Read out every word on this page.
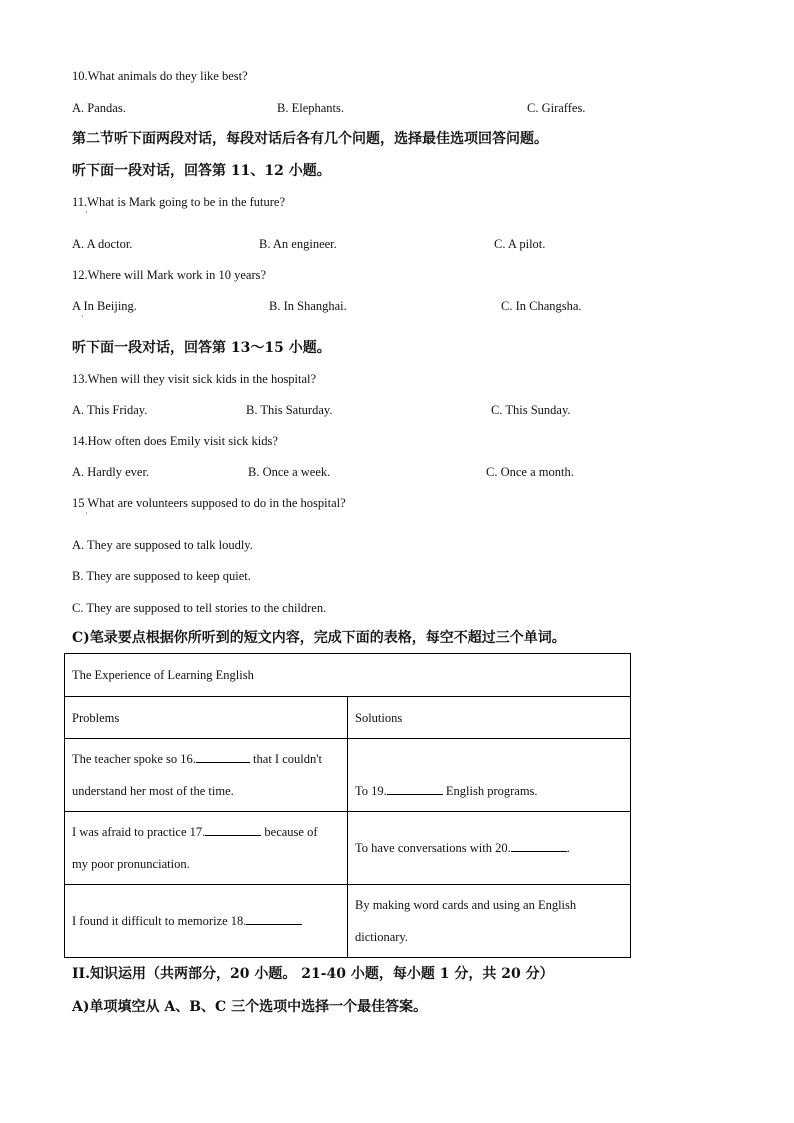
10.What animals do they like best?
A. Pandas.	B. Elephants.	C. Giraffes.
第二节听下面两段对话，每段对话后各有几个问题，选择最佳选项回答问题。
听下面一段对话，回答第 11、12 小题。
11.What is Mark going to be in the future?
'
A. A doctor.	B. An engineer.	C. A pilot.
12.Where will Mark work in 10 years?
A In Beijing.
'
B. In Shanghai.	C. In Changsha.
听下面一段对话，回答第 13～15 小题。
13.When will they visit sick kids in the hospital?
A. This Friday.	B. This Saturday.	C. This Sunday.
14.How often does Emily visit sick kids?
A. Hardly ever.	B. Once a week.	C. Once a month.
15 What are volunteers supposed to do in the hospital?
'
A. They are supposed to talk loudly.
B. They are supposed to keep quiet.
C. They are supposed to tell stories to the children.
C)笔录要点根据你所听到的短文内容，完成下面的表格，每空不超过三个单词。
The Experience of Learning English	
Problems	Solutions
The teacher spoke so 16. that I couldn't
understand her most of the time.	To 19. English programs.
I was afraid to practice 17. because of
my poor pronunciation.	To have conversations with 20. .
I found it difficult to memorize 18.	By making word cards and using an English
dictionary.
II.知识运用（共两部分，20 小题。 21-40 小题，每小题 1 分，共 20 分）
A)单项填空从 A、B、C 三个选项中选择一个最佳答案。
